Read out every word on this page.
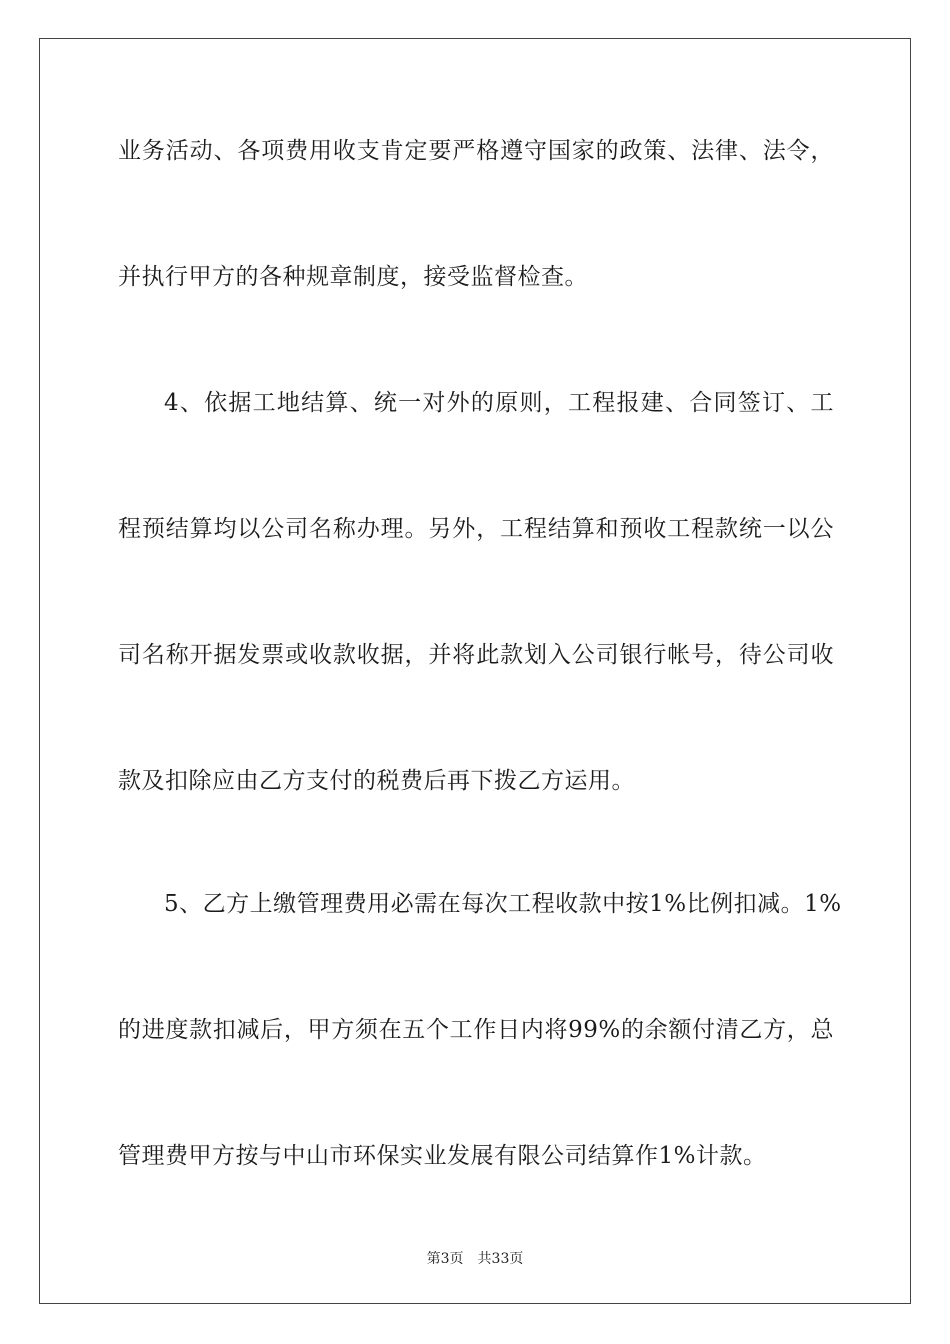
业务活动、各项费用收支肯定要严格遵守国家的政策、法律、法令，
并执行甲方的各种规章制度，接受监督检查。
4、依据工地结算、统一对外的原则，工程报建、合同签订、工
程预结算均以公司名称办理。另外，工程结算和预收工程款统一以公
司名称开据发票或收款收据，并将此款划入公司银行帐号，待公司收
款及扣除应由乙方支付的税费后再下拨乙方运用。
5、乙方上缴管理费用必需在每次工程收款中按1%比例扣减。1%
的进度款扣减后，甲方须在五个工作日内将99%的余额付清乙方，总
管理费甲方按与中山市环保实业发展有限公司结算作1%计款。
第3页 共33页
